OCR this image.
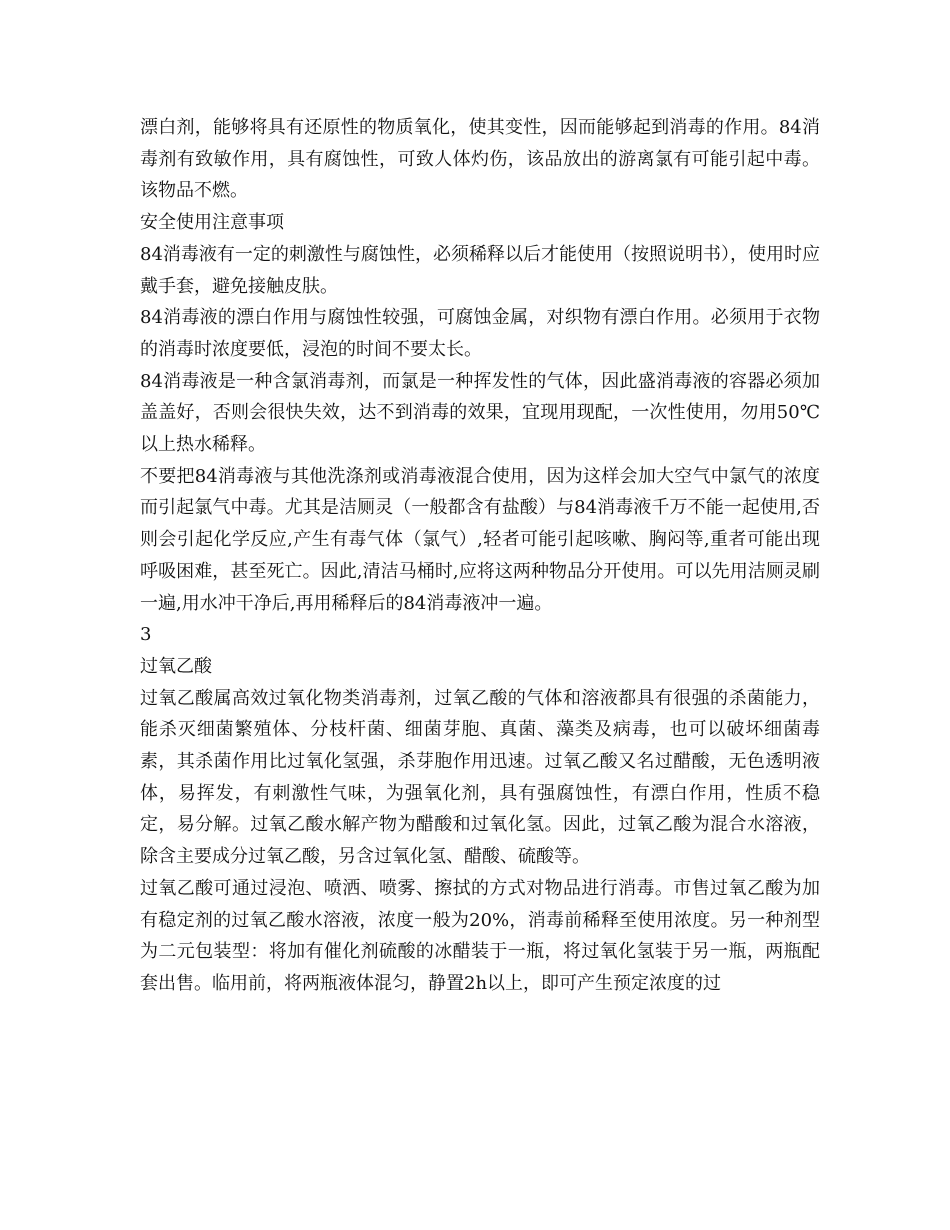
漂白剂，能够将具有还原性的物质氧化，使其变性，因而能够起到消毒的作用。84消毒剂有致敏作用，具有腐蚀性，可致人体灼伤，该品放出的游离氯有可能引起中毒。该物品不燃。

安全使用注意事项

84消毒液有一定的刺激性与腐蚀性，必须稀释以后才能使用（按照说明书），使用时应戴手套，避免接触皮肤。

84消毒液的漂白作用与腐蚀性较强，可腐蚀金属，对织物有漂白作用。必须用于衣物的消毒时浓度要低，浸泡的时间不要太长。

84消毒液是一种含氯消毒剂，而氯是一种挥发性的气体，因此盛消毒液的容器必须加盖盖好，否则会很快失效，达不到消毒的效果，宜现用现配，一次性使用，勿用50℃以上热水稀释。

不要把84消毒液与其他洗涤剂或消毒液混合使用，因为这样会加大空气中氯气的浓度而引起氯气中毒。尤其是洁厕灵（一般都含有盐酸）与84消毒液千万不能一起使用,否则会引起化学反应,产生有毒气体（氯气）,轻者可能引起咳嗽、胸闷等,重者可能出现呼吸困难，甚至死亡。因此,清洁马桶时,应将这两种物品分开使用。可以先用洁厕灵刷一遍,用水冲干净后,再用稀释后的84消毒液冲一遍。

3

过氧乙酸

过氧乙酸属高效过氧化物类消毒剂，过氧乙酸的气体和溶液都具有很强的杀菌能力，能杀灭细菌繁殖体、分枝杆菌、细菌芽胞、真菌、藻类及病毒，也可以破坏细菌毒素，其杀菌作用比过氧化氢强，杀芽胞作用迅速。过氧乙酸又名过醋酸，无色透明液体，易挥发，有刺激性气味，为强氧化剂，具有强腐蚀性，有漂白作用，性质不稳定，易分解。过氧乙酸水解产物为醋酸和过氧化氢。因此，过氧乙酸为混合水溶液，除含主要成分过氧乙酸，另含过氧化氢、醋酸、硫酸等。

过氧乙酸可通过浸泡、喷洒、喷雾、擦拭的方式对物品进行消毒。市售过氧乙酸为加有稳定剂的过氧乙酸水溶液，浓度一般为20%，消毒前稀释至使用浓度。另一种剂型为二元包装型：将加有催化剂硫酸的冰醋装于一瓶，将过氧化氢装于另一瓶，两瓶配套出售。临用前，将两瓶液体混匀，静置2h以上，即可产生预定浓度的过
